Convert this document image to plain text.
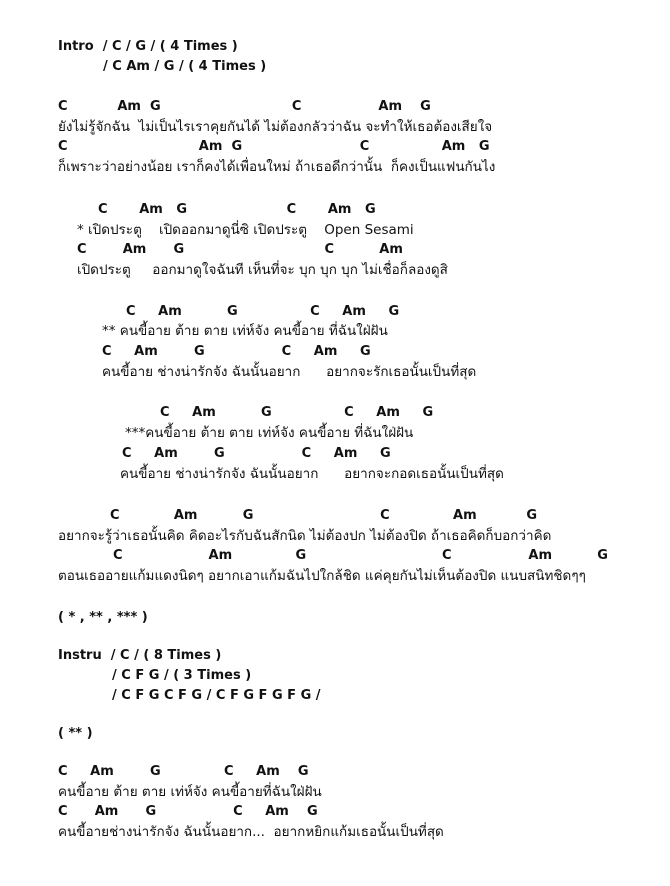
Intro  / C / G / ( 4 Times )
/ C Am / G / ( 4 Times )
C           Am  G                             C                 Am    G
ยังไม่รู้จักฉัน  ไม่เป็นไรเราคุยกันได้ ไม่ต้องกลัวว่าฉัน จะทำให้เธอต้องเสียใจ
C                             Am  G                          C                Am   G
ก็เพราะว่าอย่างน้อย เราก็คงได้เพื่อนใหม่ ถ้าเธอดีกว่านั้น  ก็คงเป็นแฟนกันไง
C       Am   G                      C       Am   G
* เปิดประตู    เปิดออกมาดูนี่ซิ เปิดประตู    Open Sesami
C        Am      G                               C          Am
เปิดประตู     ออกมาดูใจฉันที เห็นที่จะ บุก บุก บุก ไม่เชื่อก็ลองดูสิ
C     Am          G                C     Am     G
** คนขี้อาย ต้าย ตาย เท่ห์จัง คนขี้อาย ที่ฉันใฝ่ฝัน
C     Am        G                 C     Am     G
คนขี้อาย ช่างน่ารักจัง ฉันนั้นอยาก      อยากจะรักเธอนั้นเป็นที่สุด
C     Am          G                C     Am     G
***คนขี้อาย ต้าย ตาย เท่ห์จัง คนขี้อาย ที่ฉันใฝ่ฝัน
C     Am        G                 C     Am     G
คนขี้อาย ช่างน่ารักจัง ฉันนั้นอยาก      อยากจะกอดเธอนั้นเป็นที่สุด
C            Am          G                            C              Am           G
อยากจะรู้ว่าเธอนั้นคิด คิดอะไรกับฉันสักนิด ไม่ต้องปก ไม่ต้องปิด ถ้าเธอคิดก็บอกว่าคิด
C                   Am              G                              C                 Am          G
ตอนเธออายแก้มแดงนิดๆ อยากเอาแก้มฉันไปใกล้ชิด แค่คุยกันไม่เห็นต้องปิด แนบสนิทชิดๆๆ
( * , ** , *** )
Instru  / C / ( 8 Times )
/ C F G / ( 3 Times )
/ C F G C F G / C F G F G F G /
( ** )
C     Am        G              C     Am    G
คนขี้อาย ต้าย ตาย เท่ห์จัง คนขี้อายที่ฉันใฝ่ฝัน
C      Am      G                 C     Am    G
คนขี้อายช่างน่ารักจัง ฉันนั้นอยาก...  อยากหยิกแก้มเธอนั้นเป็นที่สุด
